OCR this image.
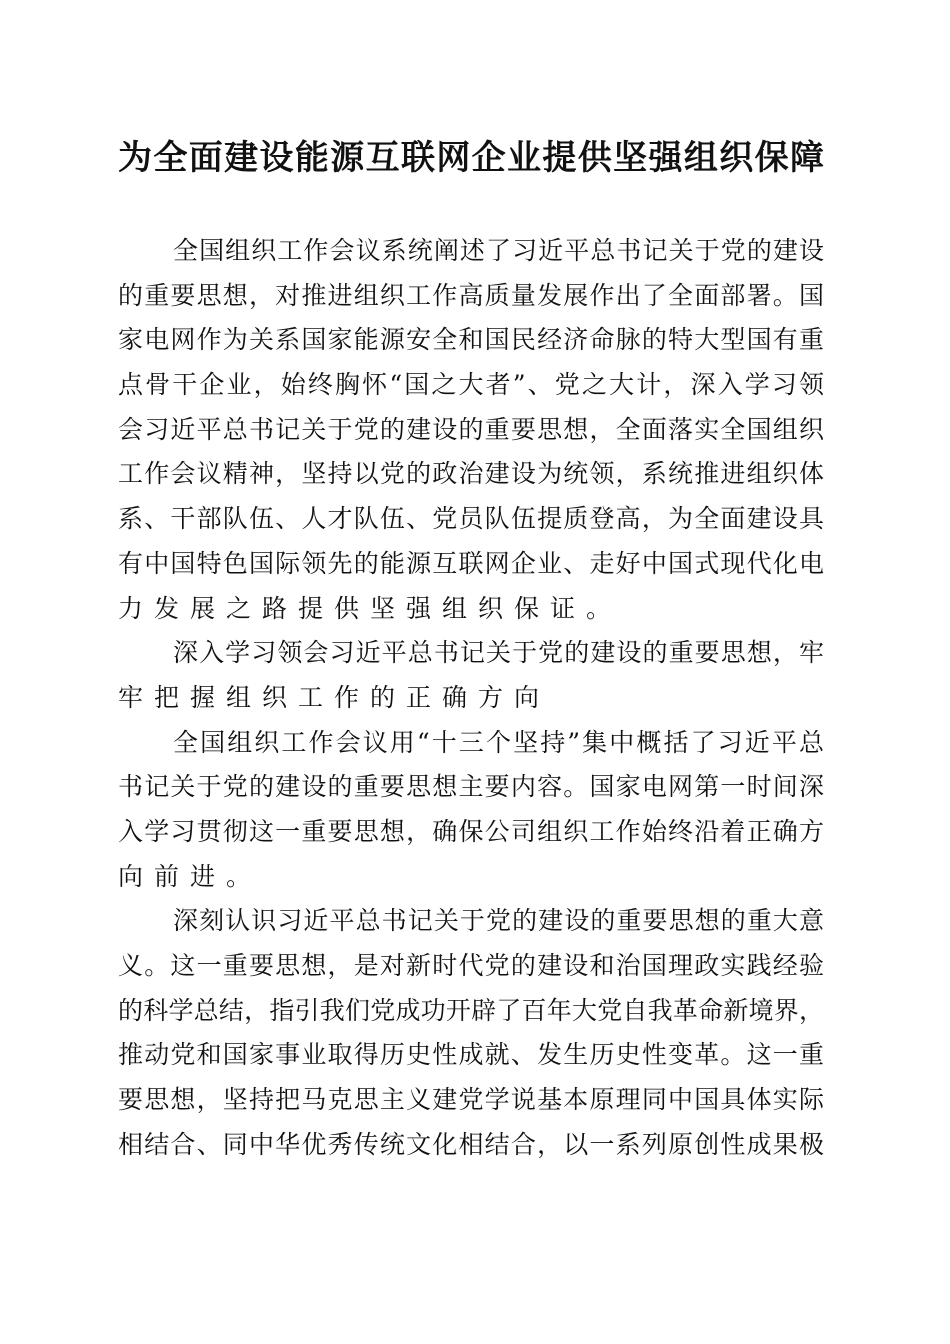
为全面建设能源互联网企业提供坚强组织保障
全国组织工作会议系统阐述了习近平总书记关于党的建设
的重要思想，对推进组织工作高质量发展作出了全面部署。国
家电网作为关系国家能源安全和国民经济命脉的特大型国有重
点骨干企业，始终胸怀“国之大者”、党之大计，深入学习领
会习近平总书记关于党的建设的重要思想，全面落实全国组织
工作会议精神，坚持以党的政治建设为统领，系统推进组织体
系、干部队伍、人才队伍、党员队伍提质登高，为全面建设具
有中国特色国际领先的能源互联网企业、走好中国式现代化电
力发展之路提供坚强组织保证。
深入学习领会习近平总书记关于党的建设的重要思想，牢
牢把握组织工作的正确方向
全国组织工作会议用“十三个坚持”集中概括了习近平总
书记关于党的建设的重要思想主要内容。国家电网第一时间深
入学习贯彻这一重要思想，确保公司组织工作始终沿着正确方
向前进。
深刻认识习近平总书记关于党的建设的重要思想的重大意
义。这一重要思想，是对新时代党的建设和治国理政实践经验
的科学总结，指引我们党成功开辟了百年大党自我革命新境界，
推动党和国家事业取得历史性成就、发生历史性变革。这一重
要思想，坚持把马克思主义建党学说基本原理同中国具体实际
相结合、同中华优秀传统文化相结合，以一系列原创性成果极
